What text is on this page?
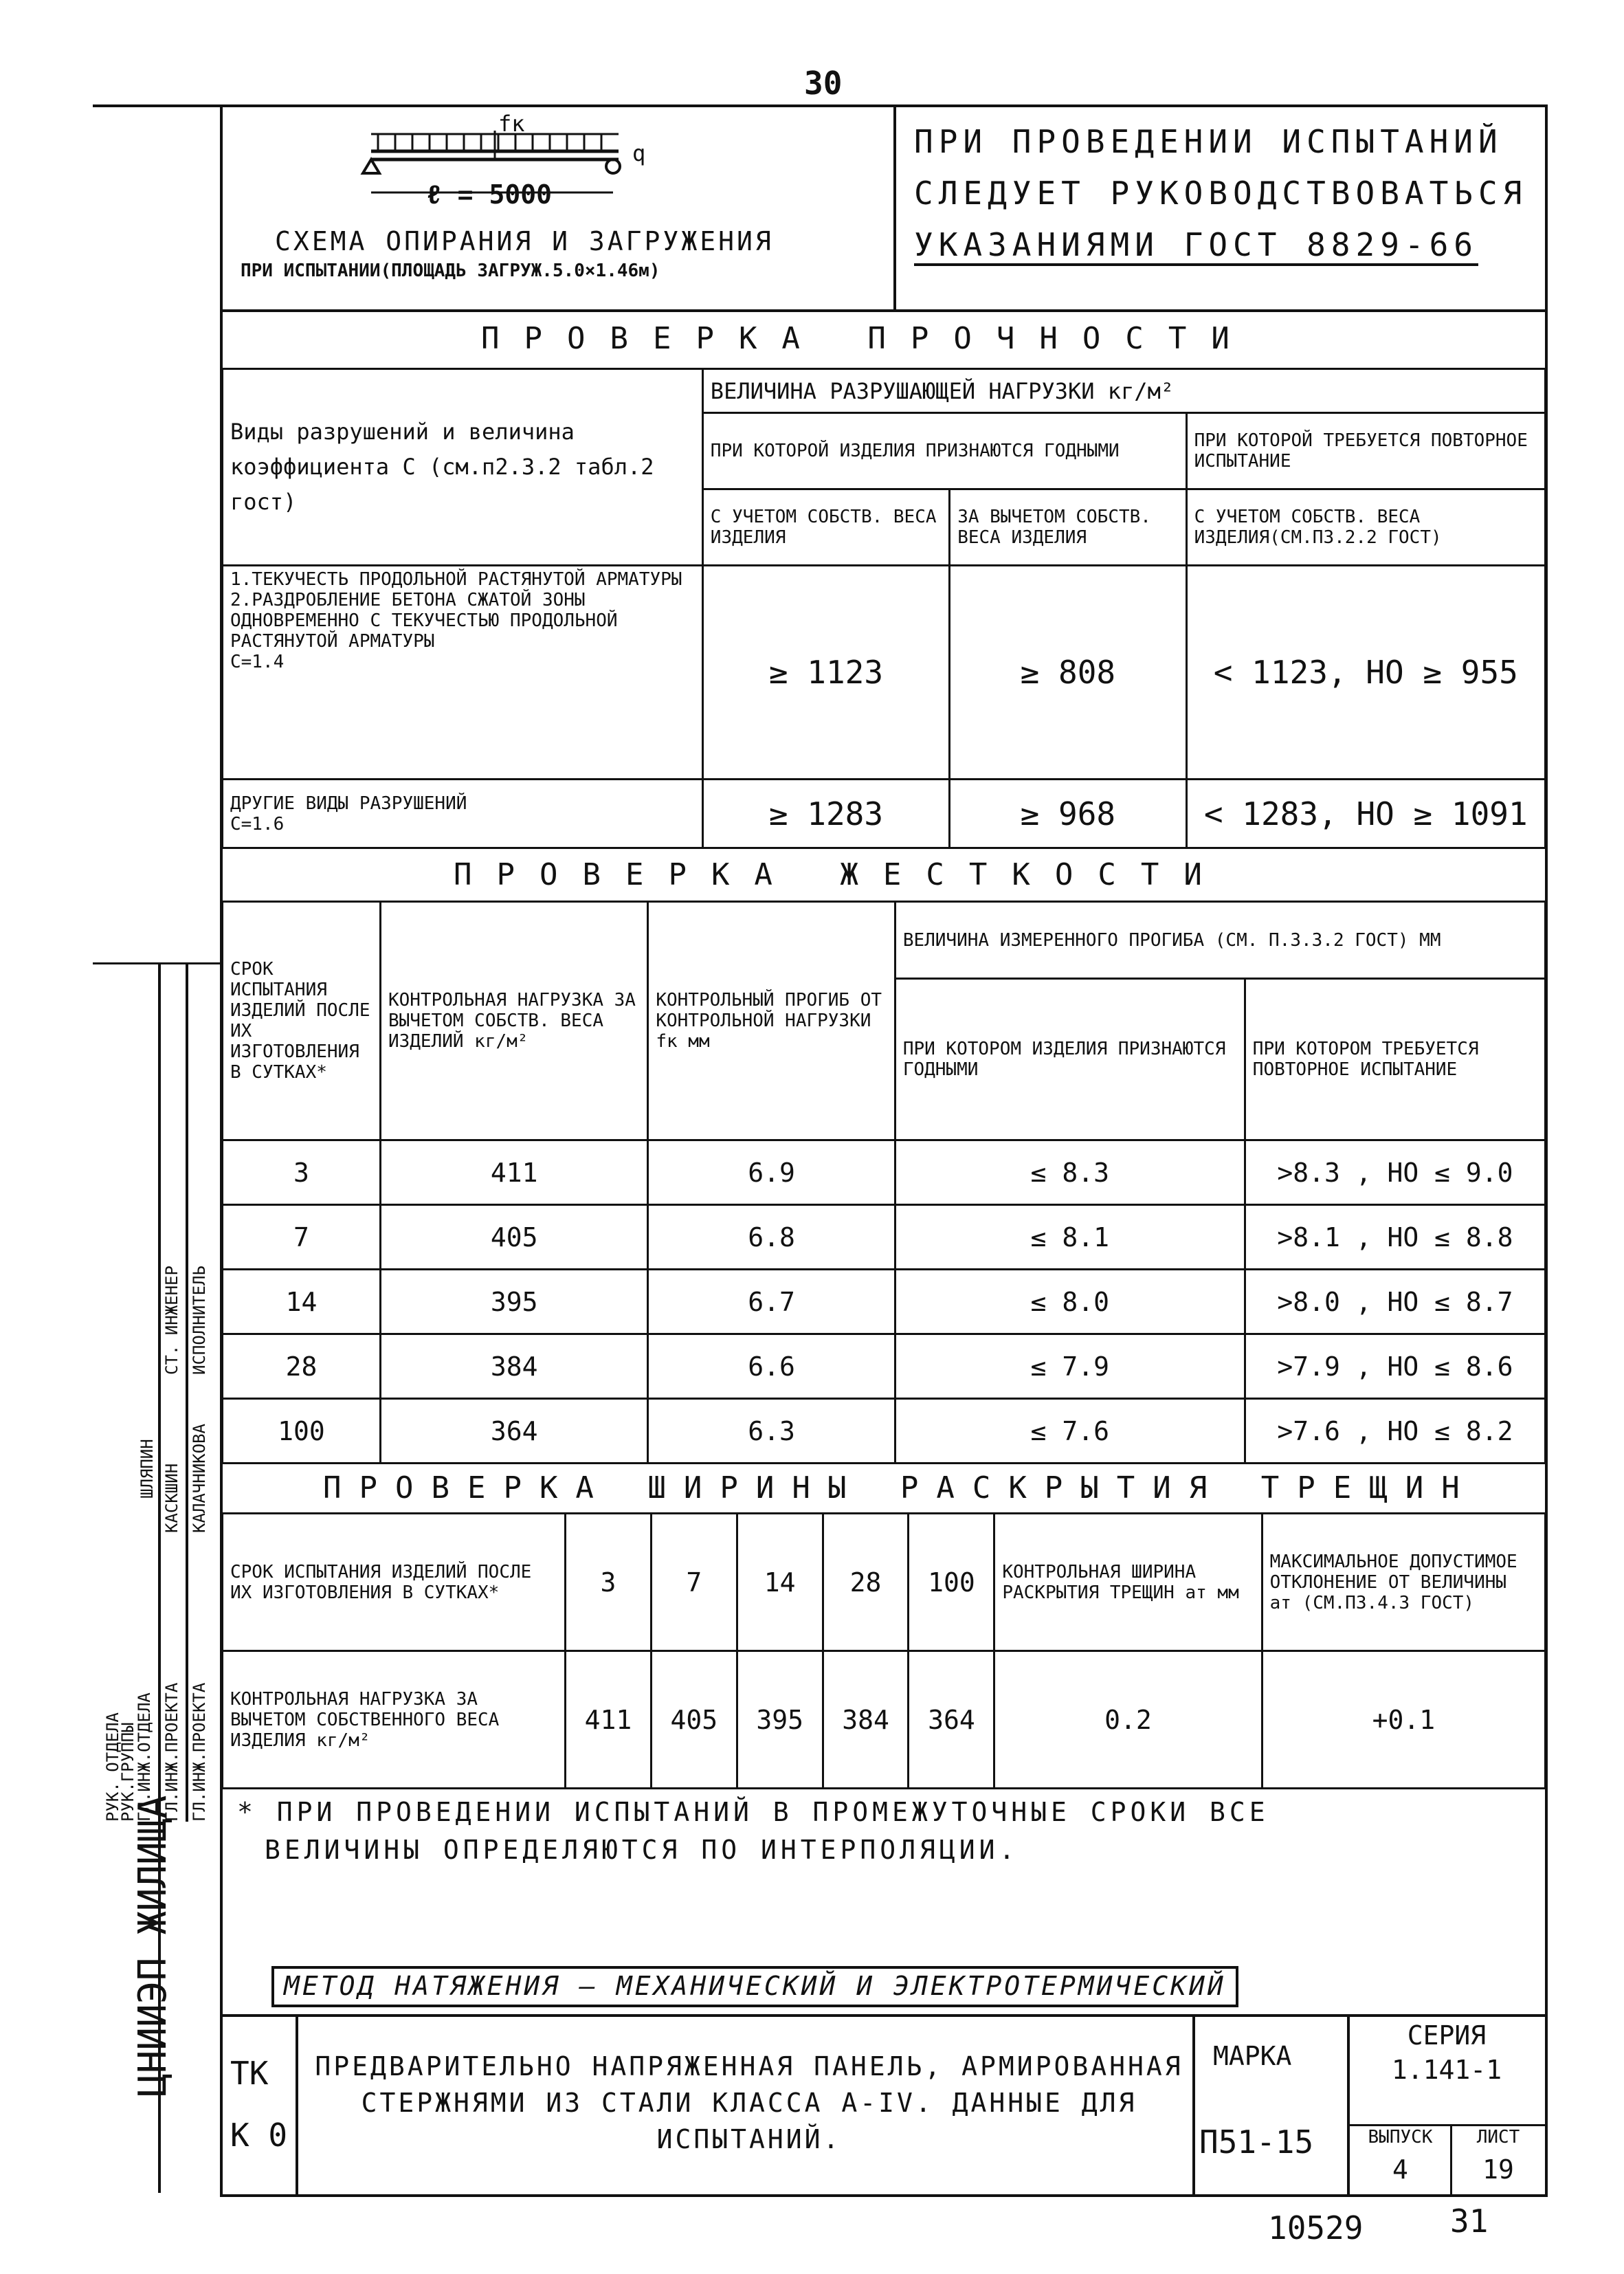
30
ЦНИИЭП ЖИЛИЩА
РУК. ОТДЕЛА
РУК.ГРУППЫ
ГЛ.ИНЖ.ОТДЕЛА ГЛ.ИНЖ.ПРОЕКТА ГЛ.ИНЖ.ПРОЕКТА
СТ. ИНЖЕНЕР ИСПОЛНИТЕЛЬ
ШЛЯПИН КАСКШИН КАЛАЧНИКОВА
fк
q
ℓ = 5000
СХЕМА ОПИРАНИЯ И ЗАГРУЖЕНИЯ
ПРИ ИСПЫТАНИИ(ПЛОЩАДЬ ЗАГРУЖ.5.0×1.46м)
ПРИ ПРОВЕДЕНИИ ИСПЫТАНИЙ
СЛЕДУЕТ РУКОВОДСТВОВАТЬСЯ
УКАЗАНИЯМИ ГОСТ 8829-66
ПРОВЕРКА ПРОЧНОСТИ
Виды разрушений и величина коэффициента С (см.п2.3.2 табл.2 гост)	ВЕЛИЧИНА РАЗРУШАЮЩЕЙ НАГРУЗКИ кг/м²		
	ПРИ КОТОРОЙ ИЗДЕЛИЯ ПРИЗНАЮТСЯ ГОДНЫМИ		ПРИ КОТОРОЙ ТРЕБУЕТСЯ ПОВТОРНОЕ ИСПЫТАНИЕ
	С УЧЕТОМ СОБСТВ. ВЕСА ИЗДЕЛИЯ	ЗА ВЫЧЕТОМ СОБСТВ. ВЕСА ИЗДЕЛИЯ	С УЧЕТОМ СОБСТВ. ВЕСА ИЗДЕЛИЯ(СМ.П3.2.2 ГОСТ)
1.ТЕКУЧЕСТЬ ПРОДОЛЬНОЙ РАСТЯНУТОЙ АРМАТУРЫ
2.РАЗДРОБЛЕНИЕ БЕТОНА СЖАТОЙ ЗОНЫ ОДНОВРЕМЕННО С ТЕКУЧЕСТЬЮ ПРОДОЛЬНОЙ РАСТЯНУТОЙ АРМАТУРЫ
С=1.4	≥ 1123	≥ 808	< 1123, НО ≥ 955
ДРУГИЕ ВИДЫ РАЗРУШЕНИЙ
С=1.6	≥ 1283	≥ 968	< 1283, НО ≥ 1091
ПРОВЕРКА ЖЕСТКОСТИ
СРОК ИСПЫТАНИЯ ИЗДЕЛИЙ ПОСЛЕ ИХ ИЗГОТОВЛЕНИЯ В СУТКАХ*	КОНТРОЛЬНАЯ НАГРУЗКА ЗА ВЫЧЕТОМ СОБСТВ. ВЕСА ИЗДЕЛИЙ кг/м²	КОНТРОЛЬНЫЙ ПРОГИБ ОТ КОНТРОЛЬНОЙ НАГРУЗКИ fк мм	ВЕЛИЧИНА ИЗМЕРЕННОГО ПРОГИБА (СМ. П.3.3.2 ГОСТ) ММ	
			ПРИ КОТОРОМ ИЗДЕЛИЯ ПРИЗНАЮТСЯ ГОДНЫМИ	ПРИ КОТОРОМ ТРЕБУЕТСЯ ПОВТОРНОЕ ИСПЫТАНИЕ
3	411	6.9	≤ 8.3	>8.3 , НО ≤ 9.0
7	405	6.8	≤ 8.1	>8.1 , НО ≤ 8.8
14	395	6.7	≤ 8.0	>8.0 , НО ≤ 8.7
28	384	6.6	≤ 7.9	>7.9 , НО ≤ 8.6
100	364	6.3	≤ 7.6	>7.6 , НО ≤ 8.2
ПРОВЕРКА ШИРИНЫ РАСКРЫТИЯ ТРЕЩИН
СРОК ИСПЫТАНИЯ ИЗДЕЛИЙ ПОСЛЕ ИХ ИЗГОТОВЛЕНИЯ В СУТКАХ*	3	7	14	28	100	КОНТРОЛЬНАЯ ШИРИНА РАСКРЫТИЯ ТРЕЩИН aт мм	МАКСИМАЛЬНОЕ ДОПУСТИМОЕ ОТКЛОНЕНИЕ ОТ ВЕЛИЧИНЫ aт (СМ.П3.4.3 ГОСТ)
КОНТРОЛЬНАЯ НАГРУЗКА ЗА ВЫЧЕТОМ СОБСТВЕННОГО ВЕСА ИЗДЕЛИЯ кг/м²	411	405	395	384	364	0.2	+0.1
* ПРИ ПРОВЕДЕНИИ ИСПЫТАНИЙ В ПРОМЕЖУТОЧНЫЕ СРОКИ ВСЕ
ВЕЛИЧИНЫ ОПРЕДЕЛЯЮТСЯ ПО ИНТЕРПОЛЯЦИИ.
МЕТОД НАТЯЖЕНИЯ — МЕХАНИЧЕСКИЙ И ЭЛЕКТРОТЕРМИЧЕСКИЙ
ТК
К 0
ПРЕДВАРИТЕЛЬНО НАПРЯЖЕННАЯ ПАНЕЛЬ, АРМИРОВАННАЯ СТЕРЖНЯМИ ИЗ СТАЛИ КЛАССА А-IV. ДАННЫЕ ДЛЯ ИСПЫТАНИЙ.
МАРКА
П51-15
СЕРИЯ
1.141-1
ВЫПУСК
4
ЛИСТ
19
10529	31
